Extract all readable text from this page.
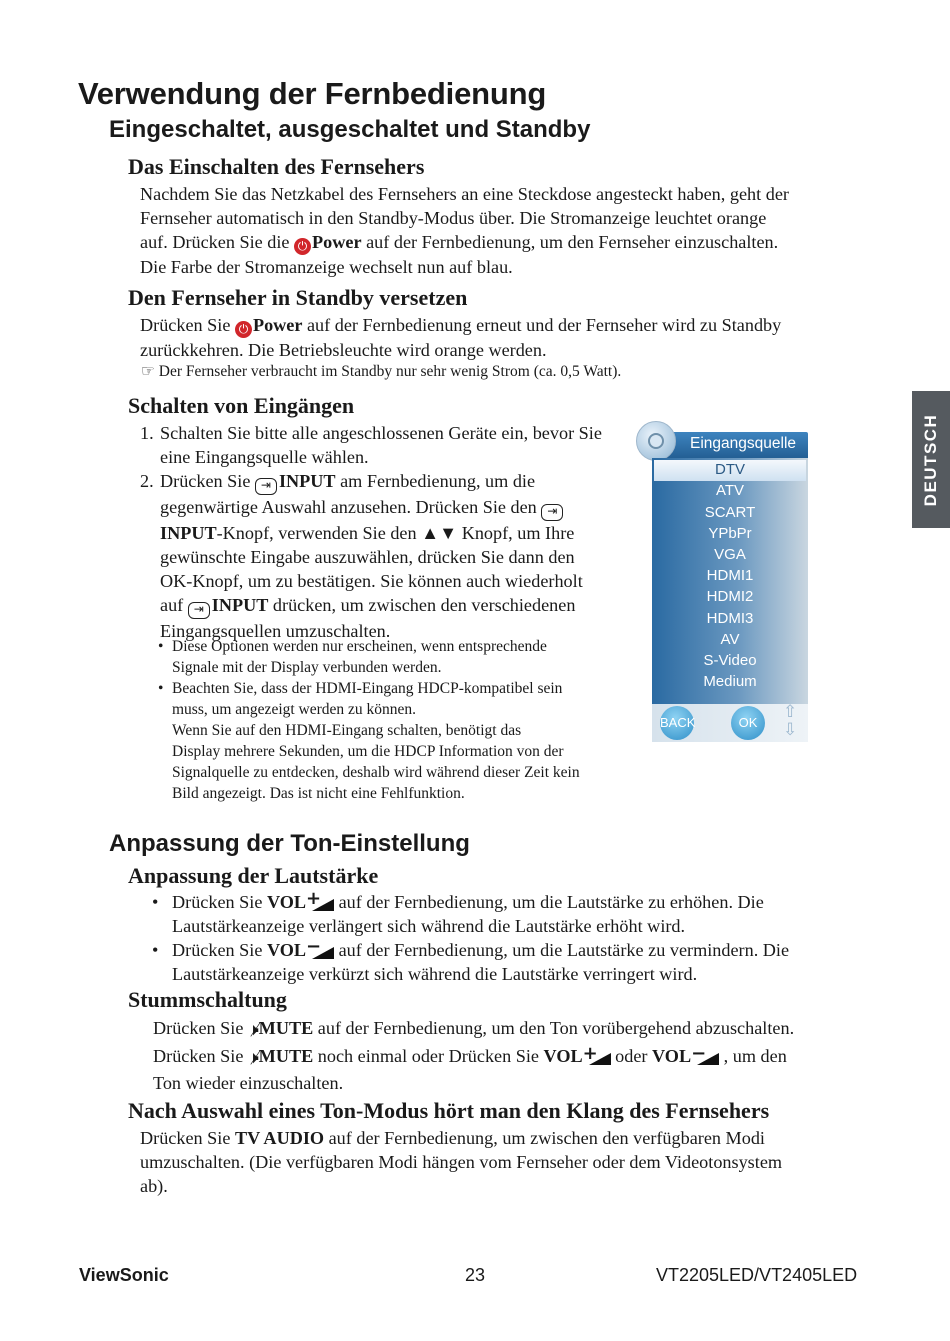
Verwendung der Fernbedienung
Eingeschaltet, ausgeschaltet und Standby
Das Einschalten des Fernsehers
Nachdem Sie das Netzkabel des Fernsehers an eine Steckdose angesteckt haben, geht der
Fernseher automatisch in den Standby-Modus über. Die Stromanzeige leuchtet orange
auf. Drücken Sie die ⏻ Power auf der Fernbedienung, um den Fernseher einzuschalten.
Die Farbe der Stromanzeige wechselt nun auf blau.
Den Fernseher in Standby versetzen
Drücken Sie ⏻ Power auf der Fernbedienung erneut und der Fernseher wird zu Standby
zurückkehren. Die Betriebsleuchte wird orange werden.
☞ Der Fernseher verbraucht im Standby nur sehr wenig Strom (ca. 0,5 Watt).
Schalten von Eingängen
1. Schalten Sie bitte alle angeschlossenen Geräte ein, bevor Sie
eine Eingangsquelle wählen.
2. Drücken Sie ⇥ INPUT am Fernbedienung, um die
gegenwärtige Auswahl anzusehen. Drücken Sie den ⇥
INPUT-Knopf, verwenden Sie den ▲▼ Knopf, um Ihre
gewünschte Eingabe auszuwählen, drücken Sie dann den
OK-Knopf, um zu bestätigen. Sie können auch wiederholt
auf ⇥ INPUT drücken, um zwischen den verschiedenen
Eingangsquellen umzuschalten.
• Diese Optionen werden nur erscheinen, wenn entsprechende
Signale mit der Display verbunden werden.
• Beachten Sie, dass der HDMI-Eingang HDCP-kompatibel sein
muss, um angezeigt werden zu können.
Wenn Sie auf den HDMI-Eingang schalten, benötigt das
Display mehrere Sekunden, um die HDCP Information von der
Signalquelle zu entdecken, deshalb wird während dieser Zeit kein
Bild angezeigt. Das ist nicht eine Fehlfunktion.
Eingangsquelle
DTV
ATV
SCART
YPbPr
VGA
HDMI1
HDMI2
HDMI3
AV
S-Video
Medium
BACK	OK
⇧
⇩
DEUTSCH
Anpassung der Ton-Einstellung
Anpassung der Lautstärke
• Drücken Sie VOL + auf der Fernbedienung, um die Lautstärke zu erhöhen. Die
Lautstärkeanzeige verlängert sich während die Lautstärke erhöht wird.
• Drücken Sie VOL − auf der Fernbedienung, um die Lautstärke zu vermindern. Die
Lautstärkeanzeige verkürzt sich während die Lautstärke verringert wird.
Stummschaltung
Drücken Sie 🕨̸MUTE auf der Fernbedienung, um den Ton vorübergehend abzuschalten.
Drücken Sie 🕨̸MUTE noch einmal oder Drücken Sie VOL + oder VOL − , um den
Ton wieder einzuschalten.
Nach Auswahl eines Ton-Modus hört man den Klang des Fernsehers
Drücken Sie TV AUDIO auf der Fernbedienung, um zwischen den verfügbaren Modi
umzuschalten. (Die verfügbaren Modi hängen vom Fernseher oder dem Videotonsystem
ab).
ViewSonic	23	VT2205LED/VT2405LED
